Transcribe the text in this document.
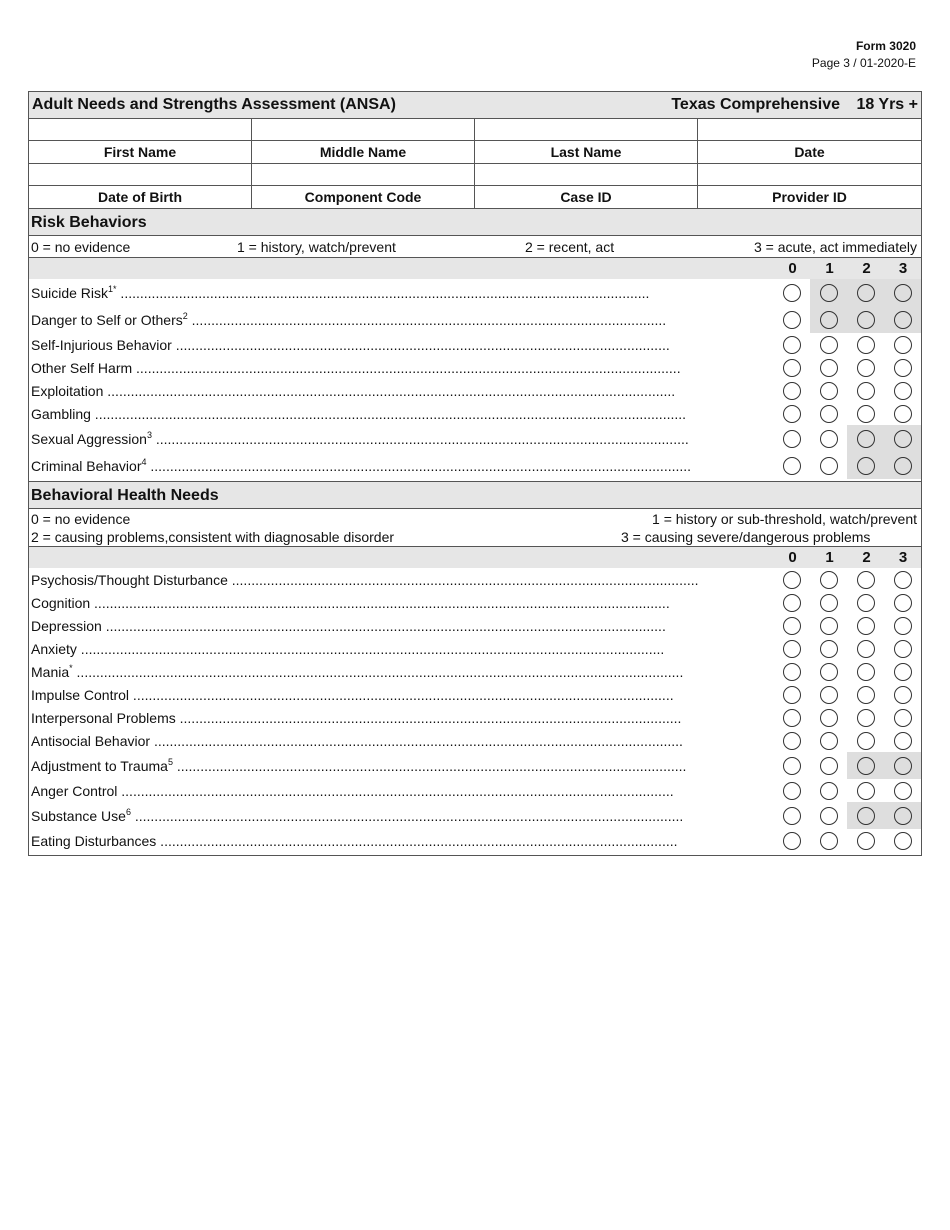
Form 3020
Page 3 / 01-2020-E
Adult Needs and Strengths Assessment (ANSA)	Texas Comprehensive 18 Yrs +
First Name	Middle Name	Last Name	Date
Date of Birth	Component Code	Case ID	Provider ID
Risk Behaviors
0 = no evidence	1 = history, watch/prevent	2 = recent, act	3 = acute, act immediately
0	1	2	3
Suicide Risk$^{1*}$ ........................................................................................................................................
Danger to Self or Others$^2$ ..........................................................................................................................
Self-Injurious Behavior ...............................................................................................................................
Other Self Harm ............................................................................................................................................
Exploitation ..................................................................................................................................................
Gambling ........................................................................................................................................................
Sexual Aggression$^3$ .........................................................................................................................................
Criminal Behavior$^4$ ...........................................................................................................................................
Behavioral Health Needs
0 = no evidence	1 = history or sub-threshold, watch/prevent
2 = causing problems,consistent with diagnosable disorder	3 = causing severe/dangerous problems
0	1	2	3
Psychosis/Thought Disturbance ........................................................................................................................
Cognition ....................................................................................................................................................
Depression ................................................................................................................................................
Anxiety ......................................................................................................................................................
Mania* ............................................................................................................................................................
Impulse Control ...........................................................................................................................................
Interpersonal Problems .................................................................................................................................
Antisocial Behavior ........................................................................................................................................
Adjustment to Trauma$^5$ ...................................................................................................................................
Anger Control ..............................................................................................................................................
Substance Use$^6$ .............................................................................................................................................
Eating Disturbances .....................................................................................................................................
